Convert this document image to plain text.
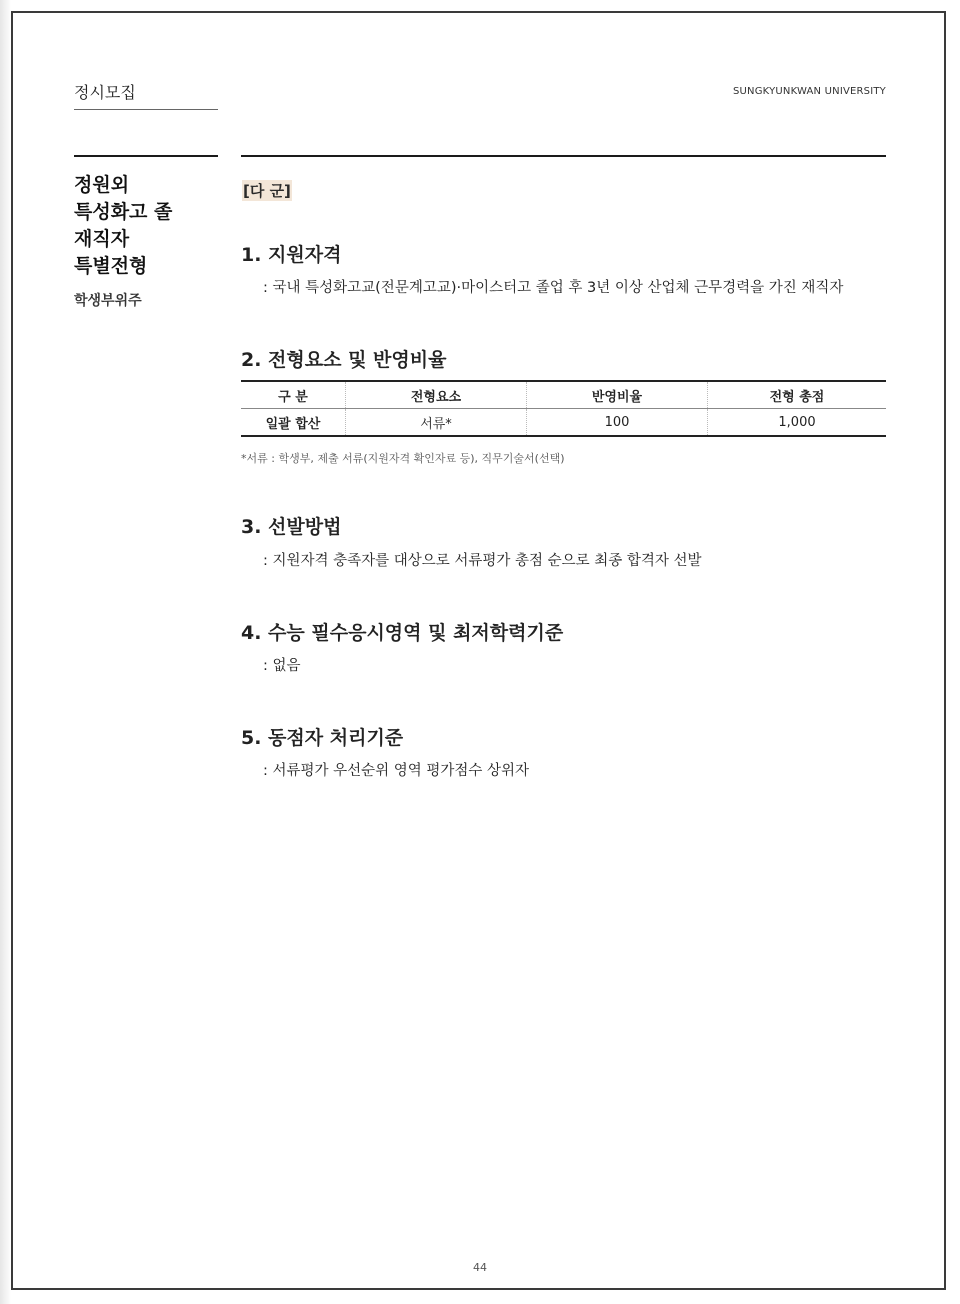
정시모집	SUNGKYUNKWAN UNIVERSITY
정원외
특성화고 졸
재직자
특별전형
학생부위주
[다 군]
1. 지원자격
: 국내 특성화고교(전문계고교)·마이스터고 졸업 후 3년 이상 산업체 근무경력을 가진 재직자
2. 전형요소 및 반영비율
구 분	전형요소	반영비율	전형 총점
일괄 합산	서류*	100	1,000
*서류 : 학생부, 제출 서류(지원자격 확인자료 등), 직무기술서(선택)
3. 선발방법
: 지원자격 충족자를 대상으로 서류평가 총점 순으로 최종 합격자 선발
4. 수능 필수응시영역 및 최저학력기준
: 없음
5. 동점자 처리기준
: 서류평가 우선순위 영역 평가점수 상위자
44
